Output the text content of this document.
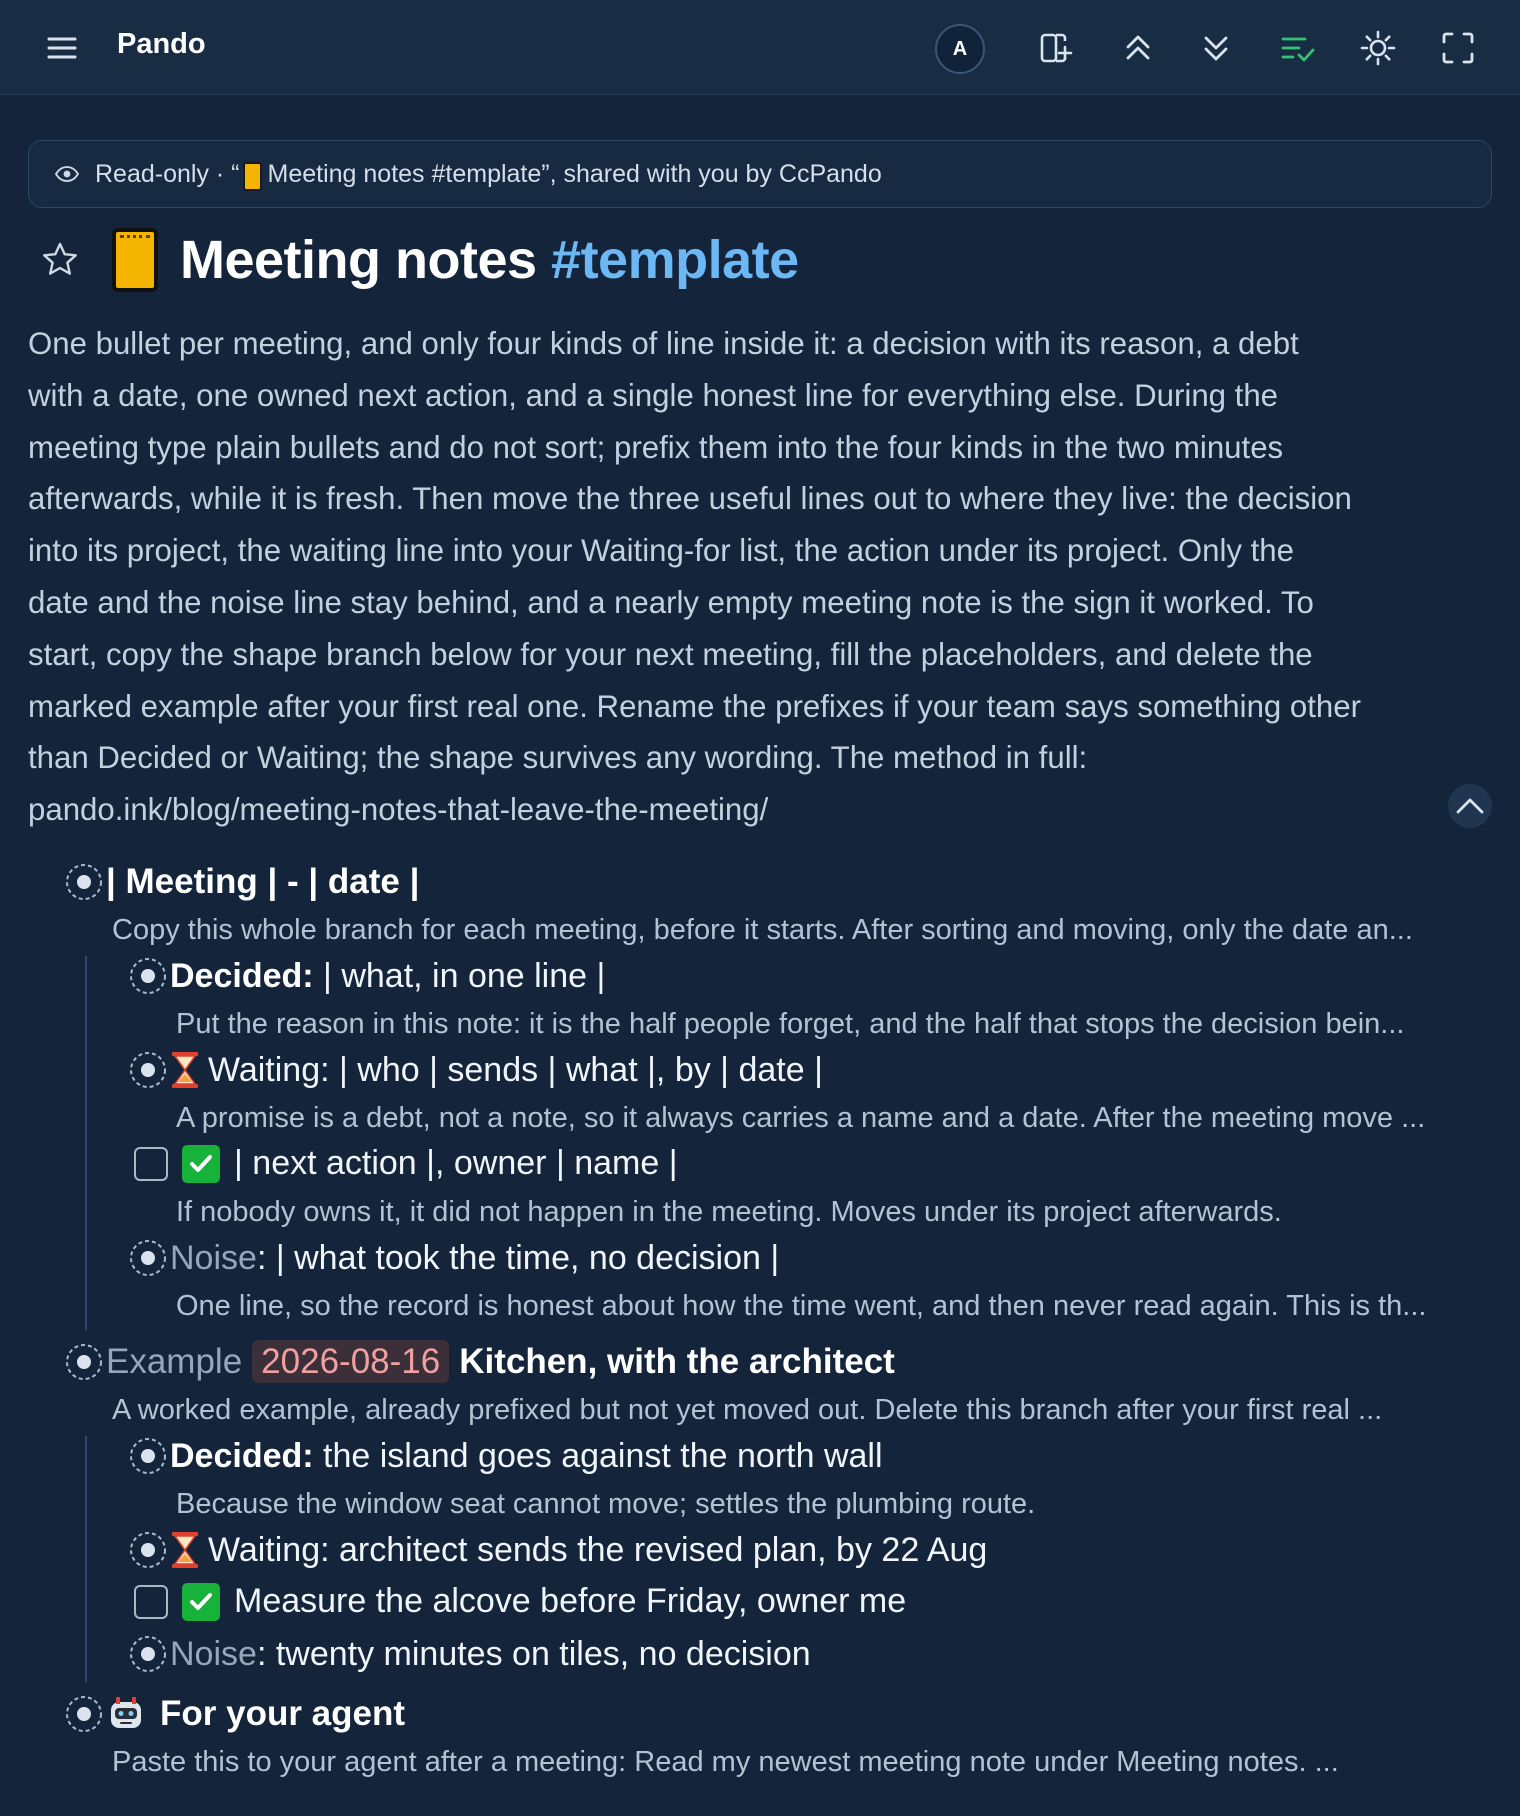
Pando	A
Read-only · “ Meeting notes #template ”, shared with you by CcPando
Meeting notes #template
One bullet per meeting, and only four kinds of line inside it: a decision with its reason, a debt
with a date, one owned next action, and a single honest line for everything else. During the
meeting type plain bullets and do not sort; prefix them into the four kinds in the two minutes
afterwards, while it is fresh. Then move the three useful lines out to where they live: the decision
into its project, the waiting line into your Waiting-for list, the action under its project. Only the
date and the noise line stay behind, and a nearly empty meeting note is the sign it worked. To
start, copy the shape branch below for your next meeting, fill the placeholders, and delete the
marked example after your first real one. Rename the prefixes if your team says something other
than Decided or Waiting; the shape survives any wording. The method in full:
pando.ink/blog/meeting-notes-that-leave-the-meeting/
| Meeting | - | date |
Copy this whole branch for each meeting, before it starts. After sorting and moving, only the date an...
Decided: | what, in one line |
Put the reason in this note: it is the half people forget, and the half that stops the decision bein...
Waiting: | who | sends | what |, by | date |
A promise is a debt, not a note, so it always carries a name and a date. After the meeting move ...
| next action |, owner | name |
If nobody owns it, it did not happen in the meeting. Moves under its project afterwards.
Noise: | what took the time, no decision |
One line, so the record is honest about how the time went, and then never read again. This is th...
Example 2026-08-16 Kitchen, with the architect
A worked example, already prefixed but not yet moved out. Delete this branch after your first real ...
Decided: the island goes against the north wall
Because the window seat cannot move; settles the plumbing route.
Waiting: architect sends the revised plan, by 22 Aug
Measure the alcove before Friday, owner me
Noise: twenty minutes on tiles, no decision
For your agent
Paste this to your agent after a meeting: Read my newest meeting note under Meeting notes. ...
